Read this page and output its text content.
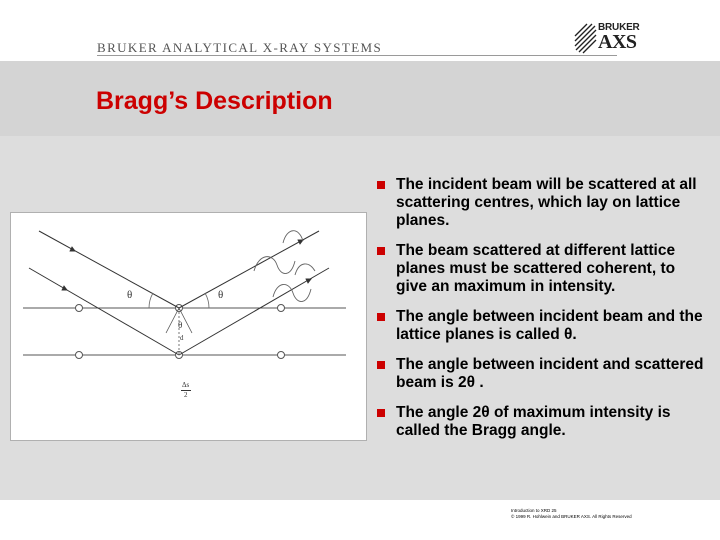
BRUKER ANALYTICAL X-RAY SYSTEMS
BRUKER
AXS
Bragg’s Description
θ	θ
θ
d
Δs
2
The incident beam will be scattered at all scattering centres, which lay on lattice planes.
The beam scattered at different lattice planes must be scattered coherent, to give an maximum in intensity.
The angle between incident beam and the lattice planes is called θ.
The angle between incident and scattered beam is 2θ .
The angle 2θ of maximum intensity is called the Bragg angle.
Introduction to XRD 25
© 1999 R. Hohlwein and BRUKER AXS. All Rights Reserved
